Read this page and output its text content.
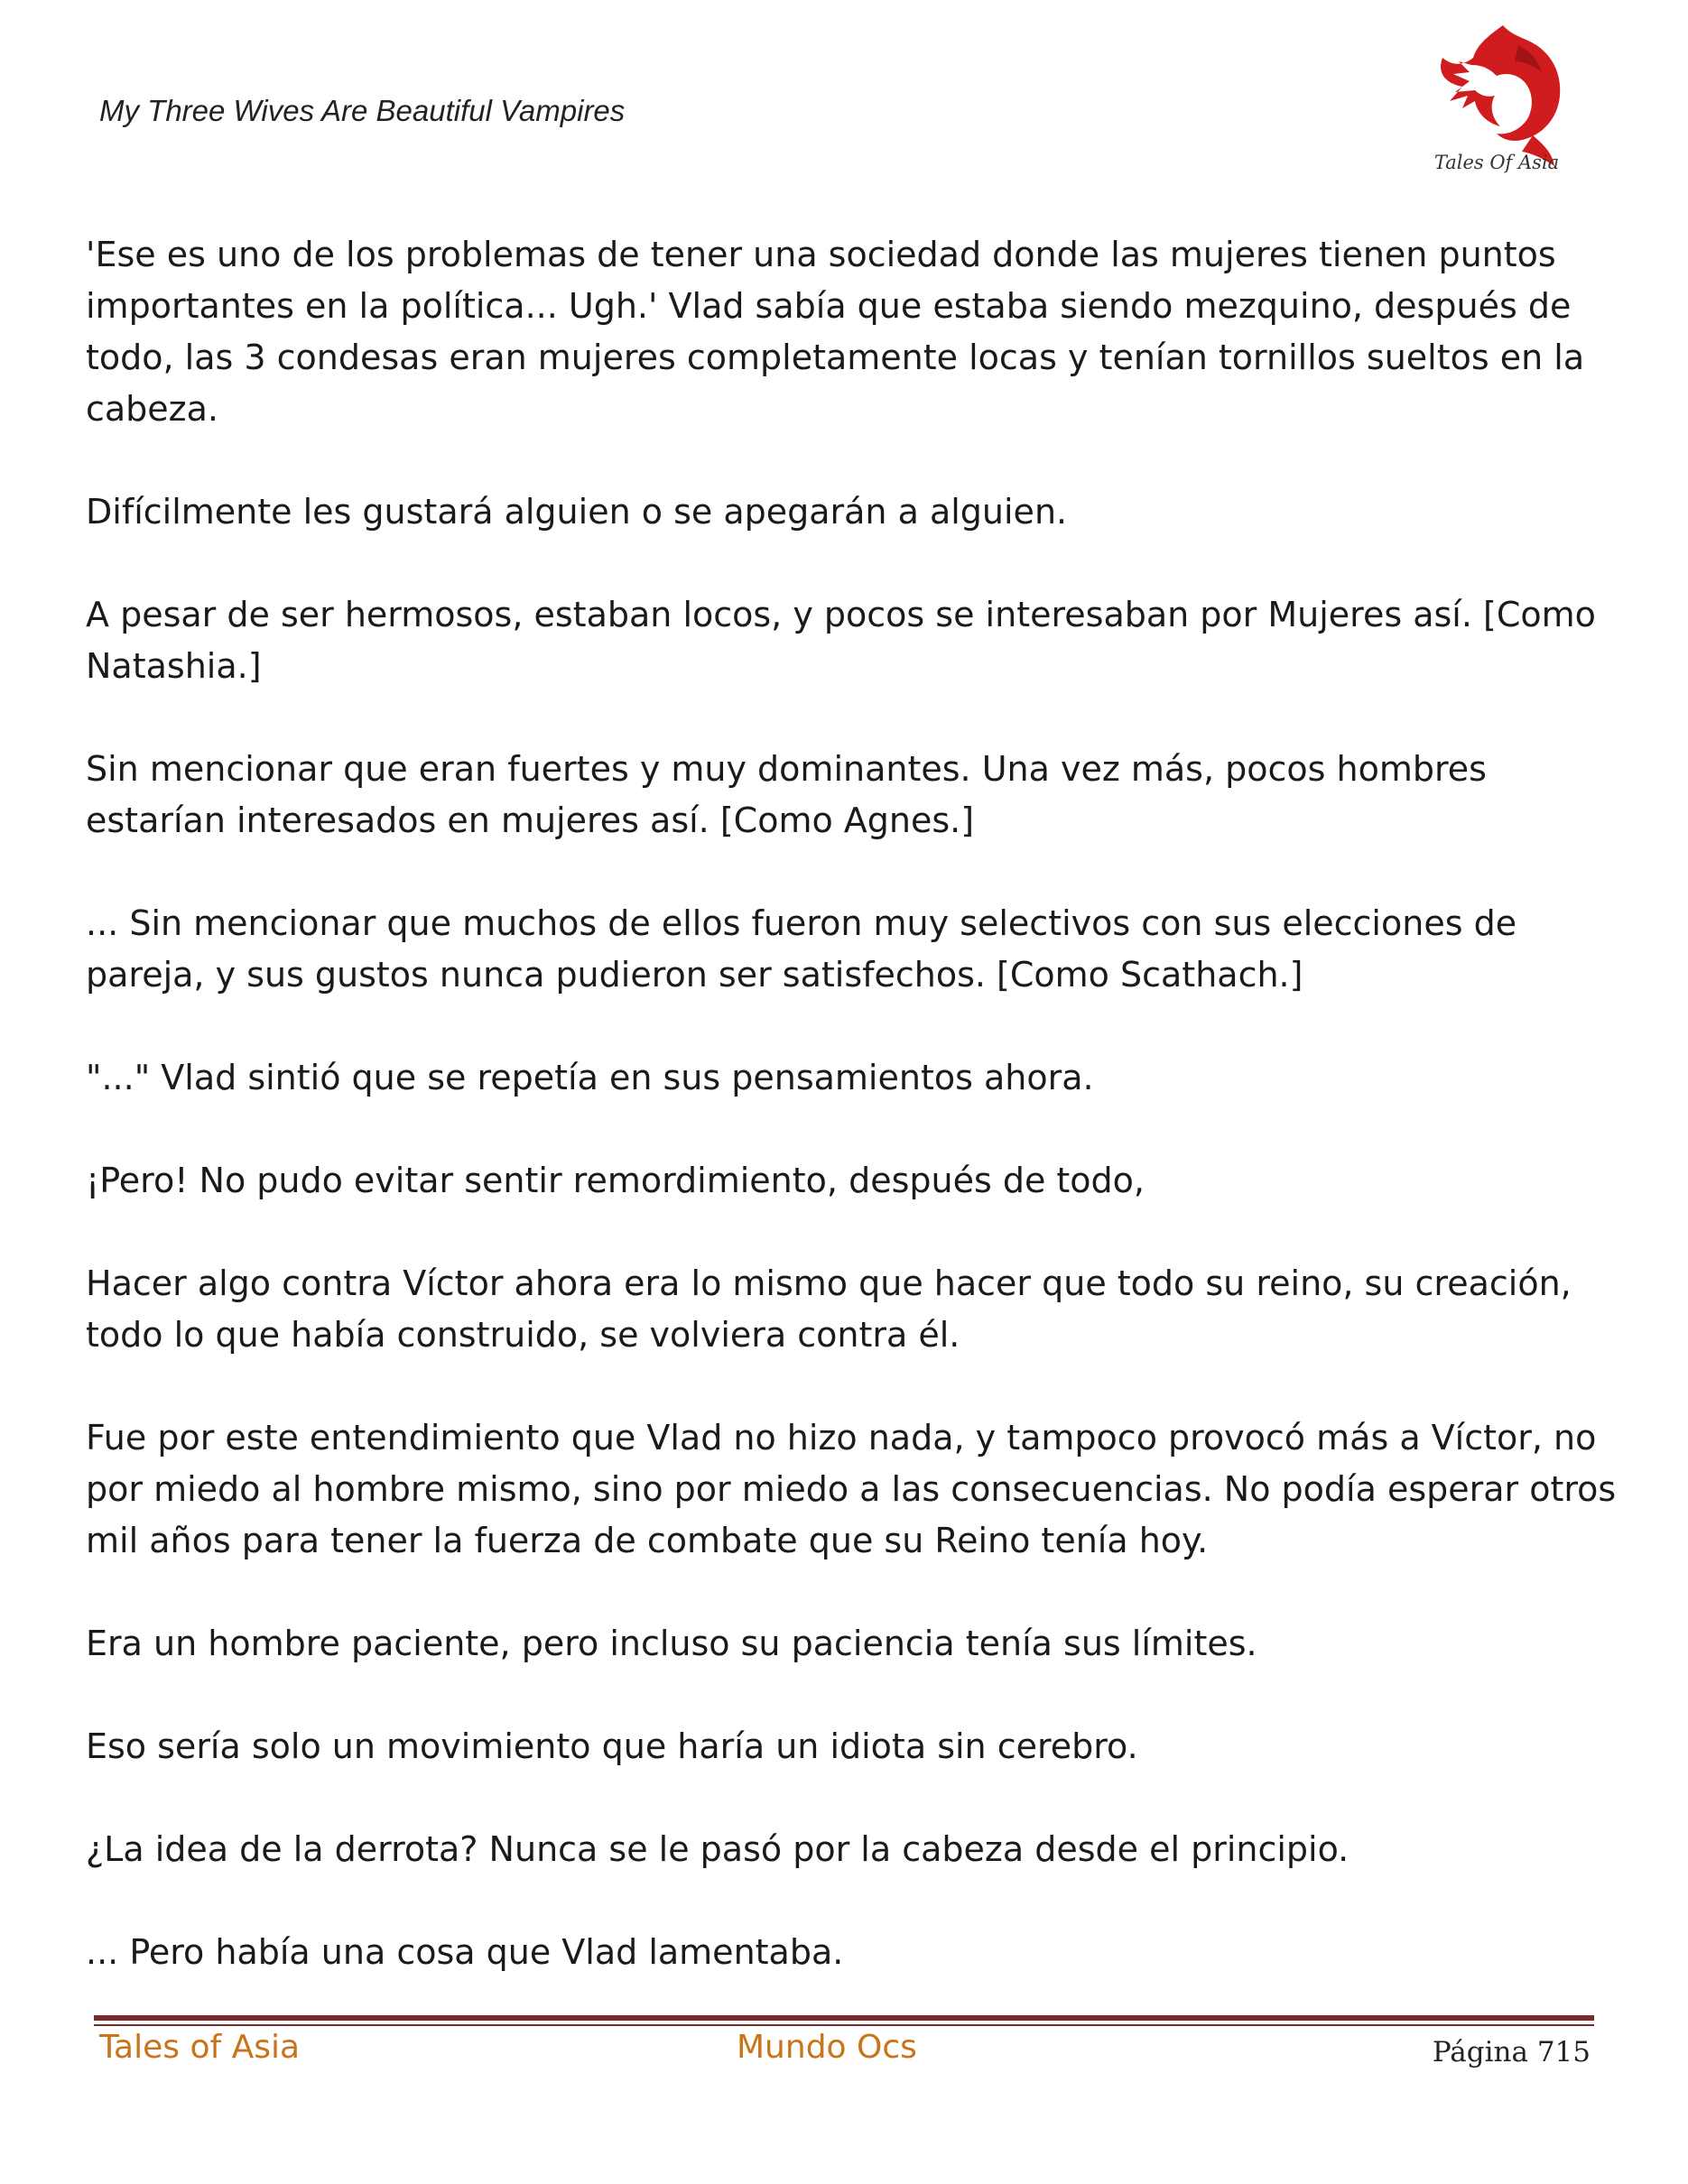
My Three Wives Are Beautiful Vampires
Tales Of Asia

'Ese es uno de los problemas de tener una sociedad donde las mujeres tienen puntos importantes en la política... Ugh.' Vlad sabía que estaba siendo mezquino, después de todo, las 3 condesas eran mujeres completamente locas y tenían tornillos sueltos en la cabeza.

Difícilmente les gustará alguien o se apegarán a alguien.

A pesar de ser hermosos, estaban locos, y pocos se interesaban por Mujeres así. [Como Natashia.]

Sin mencionar que eran fuertes y muy dominantes. Una vez más, pocos hombres estarían interesados en mujeres así. [Como Agnes.]

... Sin mencionar que muchos de ellos fueron muy selectivos con sus elecciones de pareja, y sus gustos nunca pudieron ser satisfechos. [Como Scathach.]

"..." Vlad sintió que se repetía en sus pensamientos ahora.

¡Pero! No pudo evitar sentir remordimiento, después de todo,

Hacer algo contra Víctor ahora era lo mismo que hacer que todo su reino, su creación, todo lo que había construido, se volviera contra él.

Fue por este entendimiento que Vlad no hizo nada, y tampoco provocó más a Víctor, no por miedo al hombre mismo, sino por miedo a las consecuencias. No podía esperar otros mil años para tener la fuerza de combate que su Reino tenía hoy.

Era un hombre paciente, pero incluso su paciencia tenía sus límites.

Eso sería solo un movimiento que haría un idiota sin cerebro.

¿La idea de la derrota? Nunca se le pasó por la cabeza desde el principio.

... Pero había una cosa que Vlad lamentaba.

Tales of Asia	Mundo Ocs	Página 715
